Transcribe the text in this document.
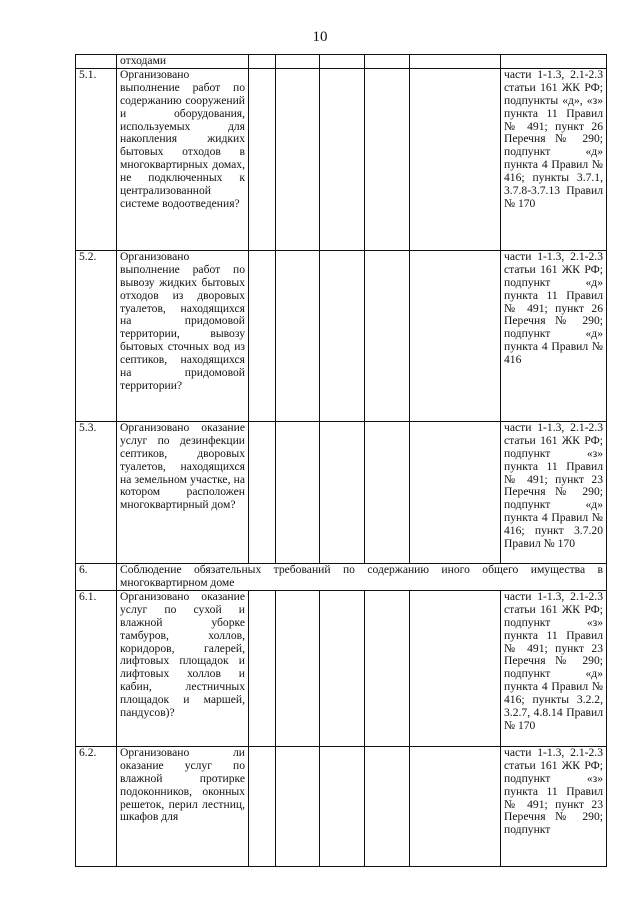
10
	отходами						
5.1.	Организовано выполнение работ по содержанию сооружений и оборудования, используемых для накопления жидких бытовых отходов в многоквартирных домах, не подключенных к централизованной системе водоотведения?						части 1-1.3, 2.1-2.3 статьи 161 ЖК РФ; подпункты «д», «з» пункта 11 Правил № 491; пункт 26 Перечня № 290; подпункт «д» пункта 4 Правил № 416; пункты 3.7.1, 3.7.8-3.7.13 Правил № 170
5.2.	Организовано выполнение работ по вывозу жидких бытовых отходов из дворовых туалетов, находящихся на придомовой территории, вывозу бытовых сточных вод из септиков, находящихся на придомовой территории?						части 1-1.3, 2.1-2.3 статьи 161 ЖК РФ; подпункт «д» пункта 11 Правил № 491; пункт 26 Перечня № 290; подпункт «д» пункта 4 Правил № 416
5.3.	Организовано оказание услуг по дезинфекции септиков, дворовых туалетов, находящихся на земельном участке, на котором расположен многоквартирный дом?						части 1-1.3, 2.1-2.3 статьи 161 ЖК РФ; подпункт «з» пункта 11 Правил № 491; пункт 23 Перечня № 290; подпункт «д» пункта 4 Правил № 416; пункт 3.7.20 Правил № 170
6.	Соблюдение обязательных требований по содержанию иного общего имущества в многоквартирном доме						
6.1.	Организовано оказание услуг по сухой и влажной уборке тамбуров, холлов, коридоров, галерей, лифтовых площадок и лифтовых холлов и кабин, лестничных площадок и маршей, пандусов)?						части 1-1.3, 2.1-2.3 статьи 161 ЖК РФ; подпункт «з» пункта 11 Правил № 491; пункт 23 Перечня № 290; подпункт «д» пункта 4 Правил № 416; пункты 3.2.2, 3.2.7, 4.8.14 Правил № 170
6.2.	Организовано ли оказание услуг по влажной протирке подоконников, оконных решеток, перил лестниц, шкафов для						части 1-1.3, 2.1-2.3 статьи 161 ЖК РФ; подпункт «з» пункта 11 Правил № 491; пункт 23 Перечня № 290; подпункт
